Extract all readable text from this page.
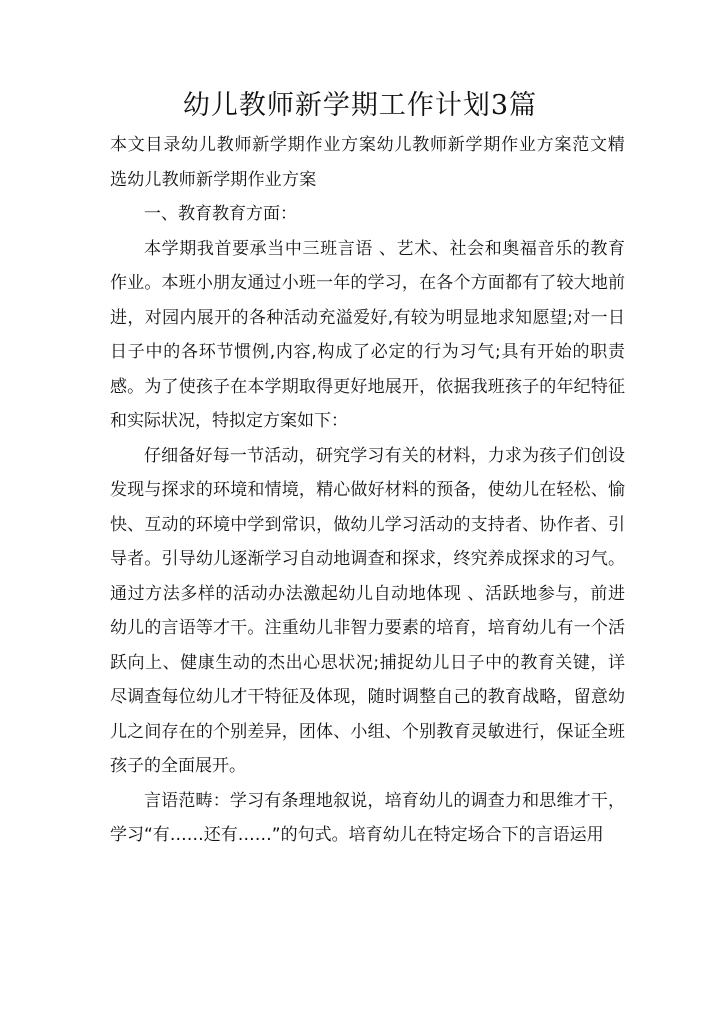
幼儿教师新学期工作计划3篇

本文目录幼儿教师新学期作业方案幼儿教师新学期作业方案范文精选幼儿教师新学期作业方案

一、教育教育方面：

本学期我首要承当中三班言语 、艺术、社会和奥福音乐的教育作业。本班小朋友通过小班一年的学习，在各个方面都有了较大地前进，对园内展开的各种活动充溢爱好,有较为明显地求知愿望;对一日日子中的各环节惯例,内容,构成了必定的行为习气;具有开始的职责感。为了使孩子在本学期取得更好地展开，依据我班孩子的年纪特征和实际状况，特拟定方案如下：

仔细备好每一节活动，研究学习有关的材料，力求为孩子们创设发现与探求的环境和情境，精心做好材料的预备，使幼儿在轻松、愉快、互动的环境中学到常识，做幼儿学习活动的支持者、协作者、引导者。引导幼儿逐渐学习自动地调查和探求，终究养成探求的习气。通过方法多样的活动办法激起幼儿自动地体现 、活跃地参与，前进幼儿的言语等才干。注重幼儿非智力要素的培育，培育幼儿有一个活跃向上、健康生动的杰出心思状况;捕捉幼儿日子中的教育关键，详尽调查每位幼儿才干特征及体现，随时调整自己的教育战略，留意幼儿之间存在的个别差异，团体、小组、个别教育灵敏进行，保证全班孩子的全面展开。

言语范畴：学习有条理地叙说，培育幼儿的调查力和思维才干，学习“有……还有……”的句式。培育幼儿在特定场合下的言语运用
